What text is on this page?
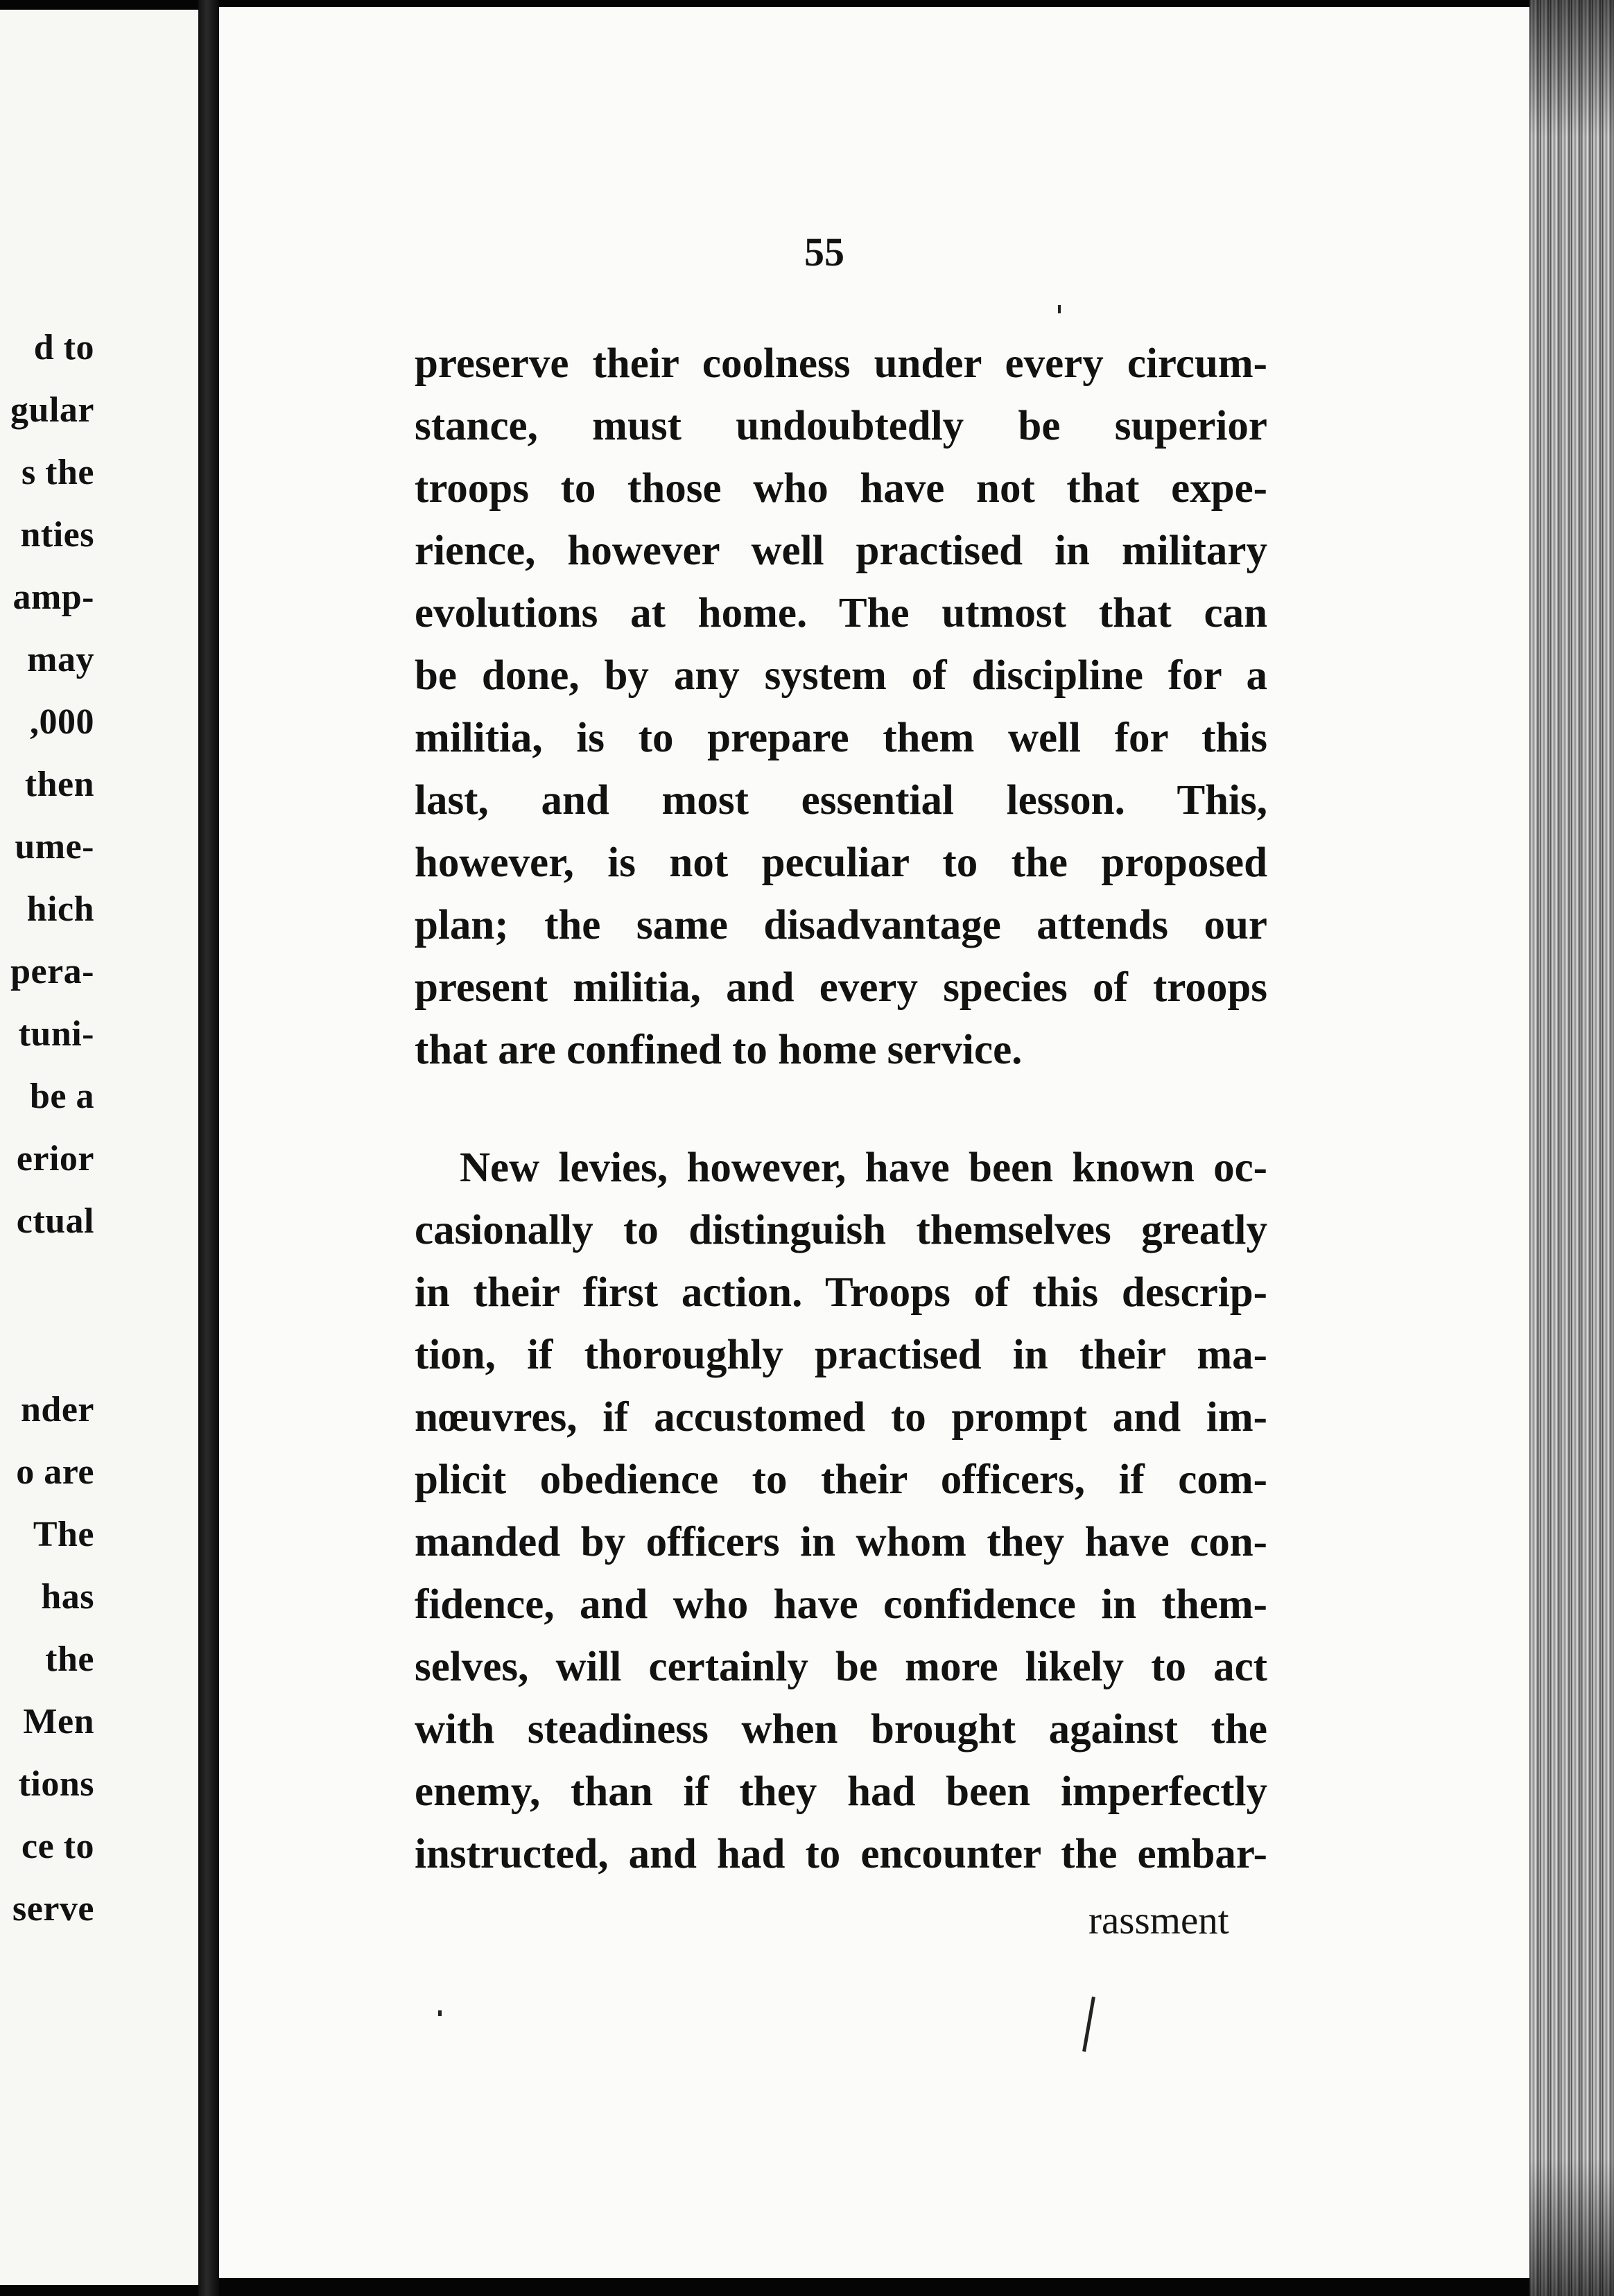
d to
gular
s the
nties
amp-
may
,000
then
ume-
hich
pera-
tuni-
be a
erior
ctual
nder
o are
The
has
the
Men
tions
ce to
serve
55
preserve their coolness under every circum-
stance, must undoubtedly be superior
troops to those who have not that expe-
rience, however well practised in military
evolutions at home. The utmost that can
be done, by any system of discipline for a
militia, is to prepare them well for this
last, and most essential lesson. This,
however, is not peculiar to the proposed
plan; the same disadvantage attends our
present militia, and every species of troops
that are confined to home service.
New levies, however, have been known oc-
casionally to distinguish themselves greatly
in their first action. Troops of this descrip-
tion, if thoroughly practised in their ma-
nœuvres, if accustomed to prompt and im-
plicit obedience to their officers, if com-
manded by officers in whom they have con-
fidence, and who have confidence in them-
selves, will certainly be more likely to act
with steadiness when brought against the
enemy, than if they had been imperfectly
instructed, and had to encounter the embar-
rassment
